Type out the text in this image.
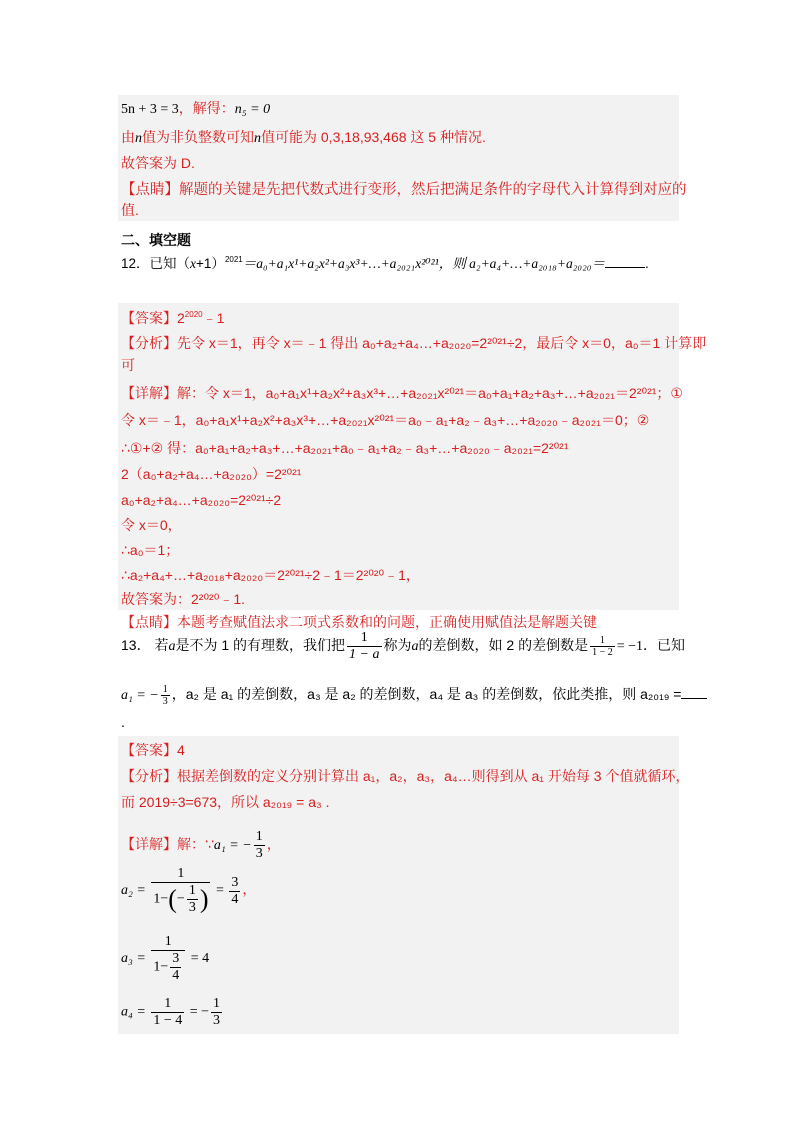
5n + 3 = 3，解得：n₅ = 0
由n值为非负整数可知n值可能为 0,3,18,93,468 这 5 种情况.
故答案为 D.
【点睛】解题的关键是先把代数式进行变形，然后把满足条件的字母代入计算得到对应的
值.
二、填空题
12．已知$(x+1)^{2021}=a_0+a_1x^1+a_2x^2+a_3x^3+\dots+a_{2021}x^{2021}$，则 a₂+a₄+…+a₂₀₁₈+a₂₀₂₀＝	.
【答案】$2^{2020}﹣1$
【分析】先令 x＝1，再令 x＝﹣1 得出 a₀+a₂+a₄…+a₂₀₂₀=2²⁰²¹÷2，最后令 x＝0，a₀＝1 计算即
可
【详解】解：令 x＝1，a₀+a₁x¹+a₂x²+a₃x³+…+a₂₀₂₁x²⁰²¹＝a₀+a₁+a₂+a₃+…+a₂₀₂₁＝2²⁰²¹；①
令 x＝﹣1，a₀+a₁x¹+a₂x²+a₃x³+…+a₂₀₂₁x²⁰²¹＝a₀﹣a₁+a₂﹣a₃+…+a₂₀₂₀﹣a₂₀₂₁＝0；②
∴①+② 得：a₀+a₁+a₂+a₃+…+a₂₀₂₁+a₀﹣a₁+a₂﹣a₃+…+a₂₀₂₀﹣a₂₀₂₁=2²⁰²¹
2（a₀+a₂+a₄…+a₂₀₂₀）=2²⁰²¹
a₀+a₂+a₄…+a₂₀₂₀=2²⁰²¹÷2
令 x＝0，
∴a₀＝1；
∴a₂+a₄+…+a₂₀₁₈+a₂₀₂₀＝2²⁰²¹÷2﹣1＝2²⁰²⁰﹣1，
故答案为：2²⁰²⁰﹣1.
【点睛】本题考查赋值法求二项式系数和的问题，正确使用赋值法是解题关键
13． 若a是不为 1 的有理数，我们把 $\frac{1}{1 - a}$ 称为a的差倒数，如 2 的差倒数是 $\frac{1}{1 - 2} = -1$．已知
a₁ = − $\frac{1}{3}$ ，a₂ 是 a₁ 的差倒数，a₃ 是 a₂ 的差倒数，a₄ 是 a₃ 的差倒数，依此类推，则 a₂₀₁₉ =
.
【答案】4
【分析】根据差倒数的定义分别计算出 a₁，a₂，a₃，a₄…则得到从 a₁ 开始每 3 个值就循环，
而 2019÷3=673，所以 a₂₀₁₉ = a₃ .
【详解】解：∵a₁ = − $\frac{1}{3}$ ，
$a_2 = \frac{1}{1-(- \frac{1}{3} )} = \frac{3}{4}$ ，
$a_3 = \frac{1}{1- \frac{3}{4}} = 4$
$a_4 = \frac{1}{1 - 4}$ = − $\frac{1}{3}$
